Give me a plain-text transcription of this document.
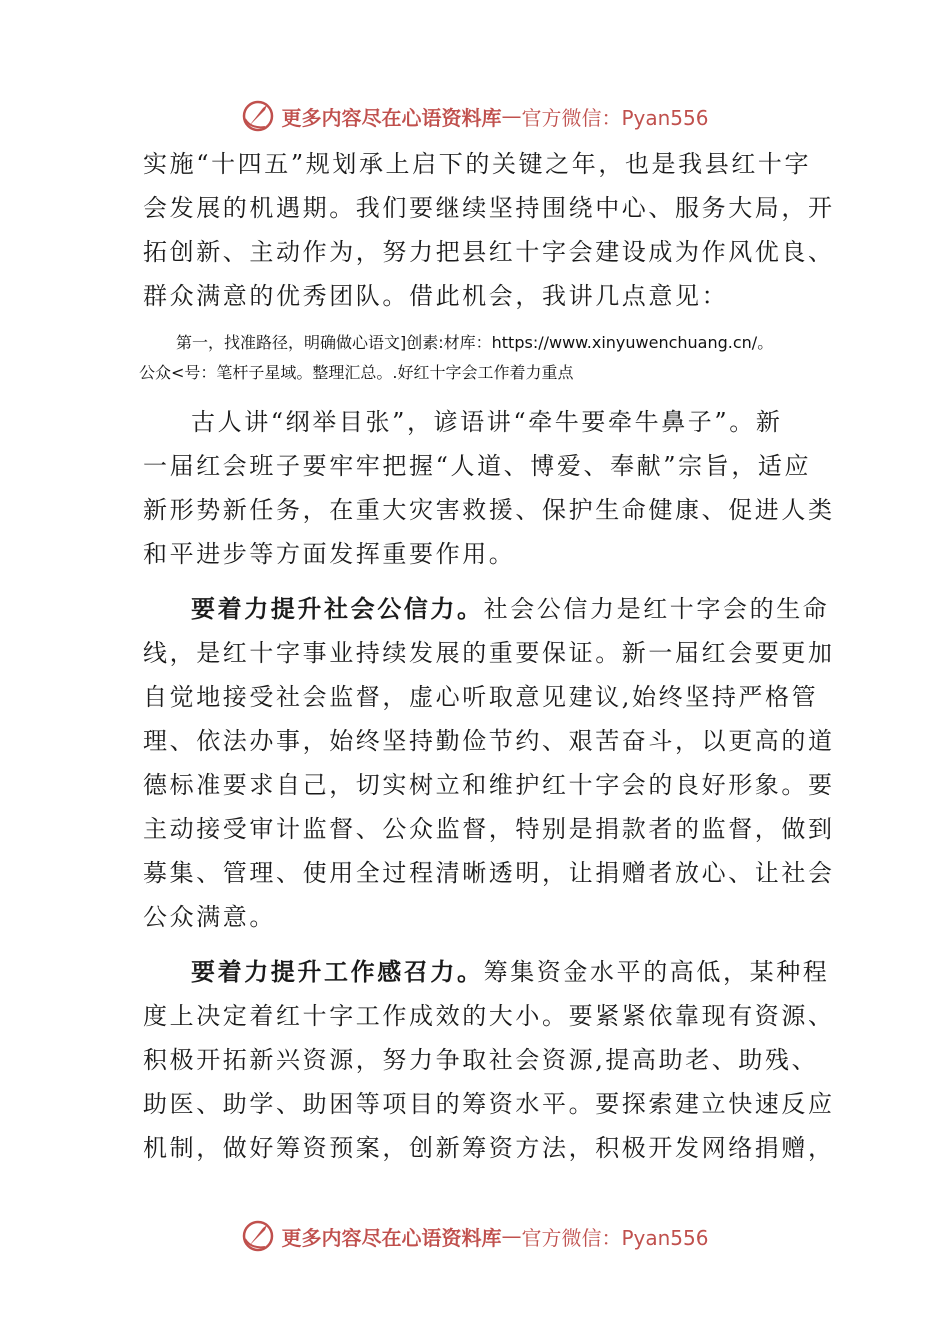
更多内容尽在心语资料库 — 官方微信：Pyan556
实施“十四五”规划承上启下的关键之年，也是我县红十字
会发展的机遇期。我们要继续坚持围绕中心、服务大局，开
拓创新、主动作为，努力把县红十字会建设成为作风优良、
群众满意的优秀团队。借此机会，我讲几点意见：
第一，找准路径，明确做心语文]创素:材库：https://www.xinyuwenchuang.cn/。
公众<号：笔杆子星域。整理汇总。.好红十字会工作着力重点
古人讲“纲举目张”，谚语讲“牵牛要牵牛鼻子”。新
一届红会班子要牢牢把握“人道、博爱、奉献”宗旨，适应
新形势新任务，在重大灾害救援、保护生命健康、促进人类
和平进步等方面发挥重要作用。
要着力提升社会公信力。社会公信力是红十字会的生命
线，是红十字事业持续发展的重要保证。新一届红会要更加
自觉地接受社会监督，虚心听取意见建议,始终坚持严格管
理、依法办事，始终坚持勤俭节约、艰苦奋斗，以更高的道
德标准要求自己，切实树立和维护红十字会的良好形象。要
主动接受审计监督、公众监督，特别是捐款者的监督，做到
募集、管理、使用全过程清晰透明，让捐赠者放心、让社会
公众满意。
要着力提升工作感召力。筹集资金水平的高低，某种程
度上决定着红十字工作成效的大小。要紧紧依靠现有资源、
积极开拓新兴资源，努力争取社会资源,提高助老、助残、
助医、助学、助困等项目的筹资水平。要探索建立快速反应
机制，做好筹资预案，创新筹资方法，积极开发网络捐赠，
更多内容尽在心语资料库 — 官方微信：Pyan556
